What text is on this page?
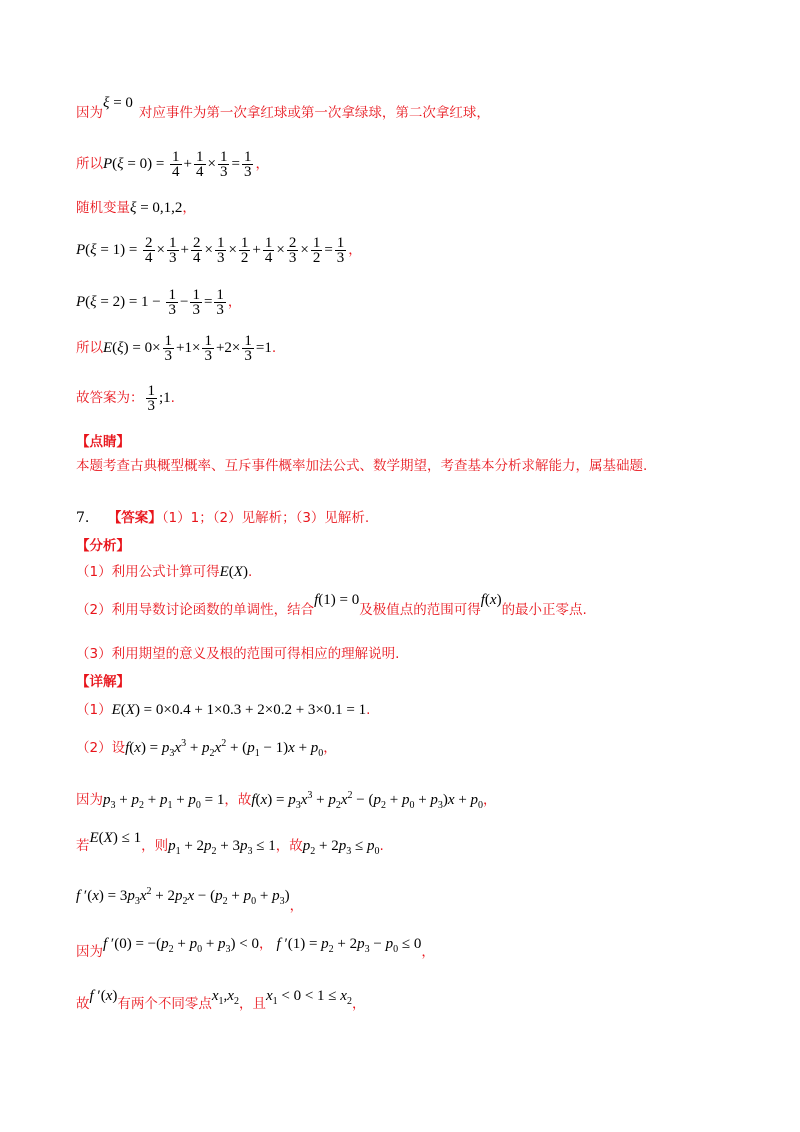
因为ξ = 0对应事件为第一次拿红球或第一次拿绿球，第二次拿红球，
所以$P(\xi = 0) = \frac{1}{4} + \frac{1}{4} \times \frac{1}{3} = \frac{1}{3}$ ，
随机变量ξ = 0,1,2，
$P(\xi = 1) = \frac{2}{4} \times \frac{1}{3} + \frac{2}{4} \times \frac{1}{3} \times \frac{1}{2} + \frac{1}{4} \times \frac{2}{3} \times \frac{1}{2} = \frac{1}{3}$ ，
$P(\xi = 2) = 1 - \frac{1}{3} - \frac{1}{3} = \frac{1}{3}$ ，
所以$E(\xi) = 0\times \frac{1}{3} +1\times \frac{1}{3} +2\times \frac{1}{3} =1$.
故答案为： $\frac{1}{3}$ ;1.
【点睛】
本题考查古典概型概率、互斥事件概率加法公式、数学期望，考查基本分析求解能力，属基础题.
7. 【答案】（1）1；（2）见解析；（3）见解析.
【分析】
（1）利用公式计算可得E(X).
（2）利用导数讨论函数的单调性，结合f(1) = 0及极值点的范围可得f(x)的最小正零点.
（3）利用期望的意义及根的范围可得相应的理解说明.
【详解】
（1）E(X) = 0×0.4 + 1×0.3 + 2×0.2 + 3×0.1 = 1.
（2）设$f(x) = p_3x^3 + p_2x^2 + (p_1 - 1)x + p_0$，
因为$p_3 + p_2 + p_1 + p_0 = 1$，故$f(x) = p_3x^3 + p_2x^2 - (p_2 + p_0 + p_3)x + p_0$，
若E(X) ≤ 1，则$p_1 + 2p_2 + 3p_3 \le 1$，故$p_2 + 2p_3 \le p_0$.
f $'(x) = 3p_3x^2 + 2p_2x - (p_2 + p_0 + p_3)$，
因为f $'(0) = -(p_2 + p_0 + p_3) < 0$， f $'(1) = p_2 + 2p_3 - p_0 \le 0$，
故f ′(x)有两个不同零点$x_1,x_2$，且$x_1 < 0 < 1 \le x_2$，
